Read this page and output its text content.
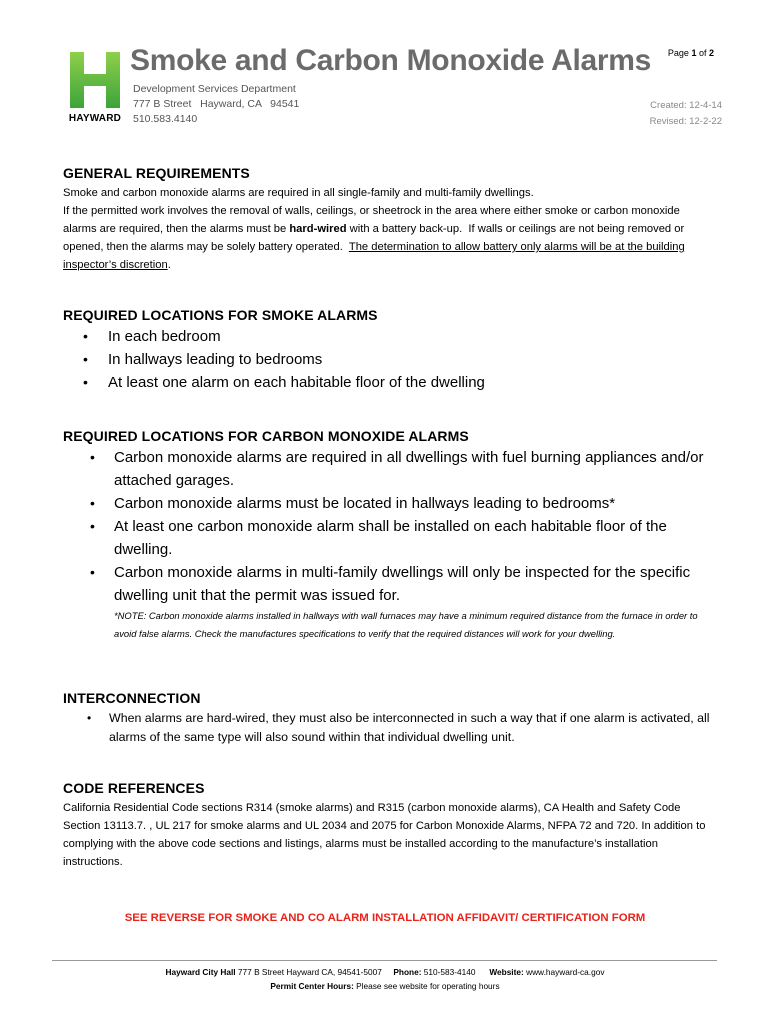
HAYWARD
Smoke and Carbon Monoxide Alarms
Development Services Department
777 B Street   Hayward, CA   94541
510.583.4140
Page 1 of 2
Created: 12-4-14
Revised: 12-2-22
GENERAL REQUIREMENTS

Smoke and carbon monoxide alarms are required in all single-family and multi-family dwellings.

If the permitted work involves the removal of walls, ceilings, or sheetrock in the area where either smoke or carbon monoxide alarms are required, then the alarms must be hard-wired with a battery back-up.  If walls or ceilings are not being removed or opened, then the alarms may be solely battery operated.  The determination to allow battery only alarms will be at the building inspector’s discretion.

REQUIRED LOCATIONS FOR SMOKE ALARMS
• In each bedroom
• In hallways leading to bedrooms
• At least one alarm on each habitable floor of the dwelling
REQUIRED LOCATIONS FOR CARBON MONOXIDE ALARMS
• Carbon monoxide alarms are required in all dwellings with fuel burning appliances and/or attached garages.
• Carbon monoxide alarms must be located in hallways leading to bedrooms*
• At least one carbon monoxide alarm shall be installed on each habitable floor of the dwelling.
• Carbon monoxide alarms in multi-family dwellings will only be inspected for the specific dwelling unit that the permit was issued for.
*NOTE: Carbon monoxide alarms installed in hallways with wall furnaces may have a minimum required distance from the furnace in order to avoid false alarms. Check the manufactures specifications to verify that the required distances will work for your dwelling.
INTERCONNECTION
• When alarms are hard-wired, they must also be interconnected in such a way that if one alarm is activated, all alarms of the same type will also sound within that individual dwelling unit.
CODE REFERENCES

California Residential Code sections R314 (smoke alarms) and R315 (carbon monoxide alarms), CA Health and Safety Code Section 13113.7. , UL 217 for smoke alarms and UL 2034 and 2075 for Carbon Monoxide Alarms, NFPA 72 and 720. In addition to complying with the above code sections and listings, alarms must be installed according to the manufacture’s installation instructions.

SEE REVERSE FOR SMOKE AND CO ALARM INSTALLATION AFFIDAVIT/ CERTIFICATION FORM
Hayward City Hall 777 B Street Hayward CA, 94541-5007 Phone: 510-583-4140 Website: www.hayward-ca.gov
Permit Center Hours: Please see website for operating hours
